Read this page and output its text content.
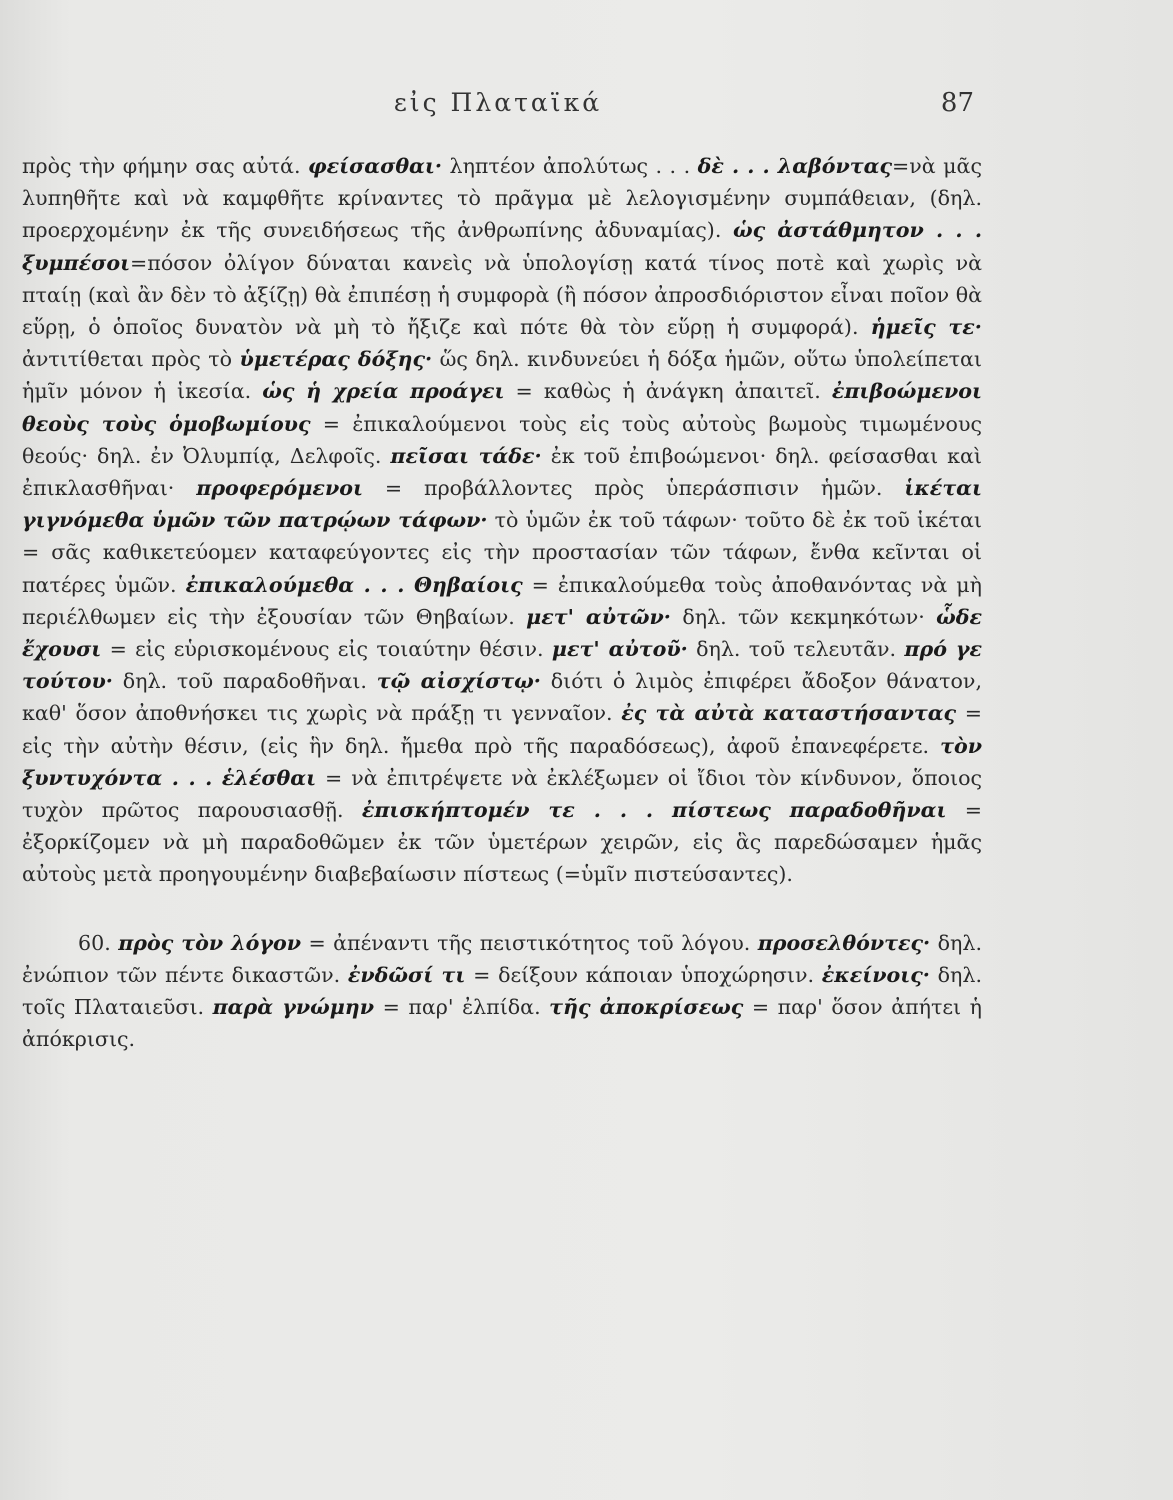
εἰς Πλαταϊκά	87

πρὸς τὴν φήμην σας αὐτά. φείσασθαι· ληπτέον ἀπολύτως . . . δὲ . . . λαβόντας=νὰ μᾶς λυπηθῆτε καὶ νὰ καμφθῆτε κρίναντες τὸ πρᾶγμα μὲ λελογισμένην συμπάθειαν, (δηλ. προερχομένην ἐκ τῆς συνειδήσεως τῆς ἀνθρωπίνης ἀδυναμίας). ὡς ἀστάθμητον . . . ξυμπέσοι=πόσον ὀλίγον δύναται κανεὶς νὰ ὑπολογίσῃ κατά τίνος ποτὲ καὶ χωρὶς νὰ πταίῃ (καὶ ἂν δὲν τὸ ἀξίζῃ) θὰ ἐπιπέσῃ ἡ συμφορὰ (ἢ πόσον ἀπροσδιόριστον εἶναι ποῖον θὰ εὕρῃ, ὁ ὁποῖος δυνατὸν νὰ μὴ τὸ ἤξιζε καὶ πότε θὰ τὸν εὕρῃ ἡ συμφορά). ἡμεῖς τε· ἀντιτίθεται πρὸς τὸ ὑμετέρας δόξης· ὥς δηλ. κινδυνεύει ἡ δόξα ἡμῶν, οὕτω ὑπολείπεται ἡμῖν μόνον ἡ ἱκεσία. ὡς ἡ χρεία προάγει = καθὼς ἡ ἀνάγκη ἀπαιτεῖ. ἐπιβοώμενοι θεοὺς τοὺς ὁμοβωμίους = ἐπικαλούμενοι τοὺς εἰς τοὺς αὐτοὺς βωμοὺς τιμωμένους θεούς· δηλ. ἐν Ὀλυμπίᾳ, Δελφοῖς. πεῖσαι τάδε· ἐκ τοῦ ἐπιβοώμενοι· δηλ. φείσασθαι καὶ ἐπικλασθῆναι· προφερόμενοι = προβάλλοντες πρὸς ὑπεράσπισιν ἡμῶν. ἱκέται γιγνόμεθα ὑμῶν τῶν πατρῴων τάφων· τὸ ὑμῶν ἐκ τοῦ τάφων· τοῦτο δὲ ἐκ τοῦ ἱκέται = σᾶς καθικετεύομεν καταφεύγοντες εἰς τὴν προστασίαν τῶν τάφων, ἔνθα κεῖνται οἱ πατέρες ὑμῶν. ἐπικαλούμεθα . . . Θηβαίοις = ἐπικαλούμεθα τοὺς ἀποθανόντας νὰ μὴ περιέλθωμεν εἰς τὴν ἐξουσίαν τῶν Θηβαίων. μετ' αὐτῶν· δηλ. τῶν κεκμηκότων· ὧδε ἔχουσι = εἰς εὑρισκομένους εἰς τοιαύτην θέσιν. μετ' αὐτοῦ· δηλ. τοῦ τελευτᾶν. πρό γε τούτου· δηλ. τοῦ παραδοθῆναι. τῷ αἰσχίστῳ· διότι ὁ λιμὸς ἐπιφέρει ἄδοξον θάνατον, καθ' ὅσον ἀποθνήσκει τις χωρὶς νὰ πράξῃ τι γενναῖον. ἐς τὰ αὐτὰ καταστήσαντας = εἰς τὴν αὐτὴν θέσιν, (εἰς ἣν δηλ. ἤμεθα πρὸ τῆς παραδόσεως), ἀφοῦ ἐπανεφέρετε. τὸν ξυντυχόντα . . . ἑλέσθαι = νὰ ἐπιτρέψετε νὰ ἐκλέξωμεν οἱ ἴδιοι τὸν κίνδυνον, ὅποιος τυχὸν πρῶτος παρουσιασθῇ. ἐπισκήπτομέν τε . . . πίστεως παραδοθῆναι = ἐξορκίζομεν νὰ μὴ παραδοθῶμεν ἐκ τῶν ὑμετέρων χειρῶν, εἰς ἃς παρεδώσαμεν ἡμᾶς αὐτοὺς μετὰ προηγουμένην διαβεβαίωσιν πίστεως (=ὑμῖν πιστεύσαντες).

60. πρὸς τὸν λόγον = ἀπέναντι τῆς πειστικότητος τοῦ λόγου. προσελθόντες· δηλ. ἐνώπιον τῶν πέντε δικαστῶν. ἐνδῶσί τι = δείξουν κάποιαν ὑποχώρησιν. ἐκείνοις· δηλ. τοῖς Πλαταιεῦσι. παρὰ γνώμην = παρ' ἐλπίδα. τῆς ἀποκρίσεως = παρ' ὅσον ἀπήτει ἡ ἀπόκρισις.
